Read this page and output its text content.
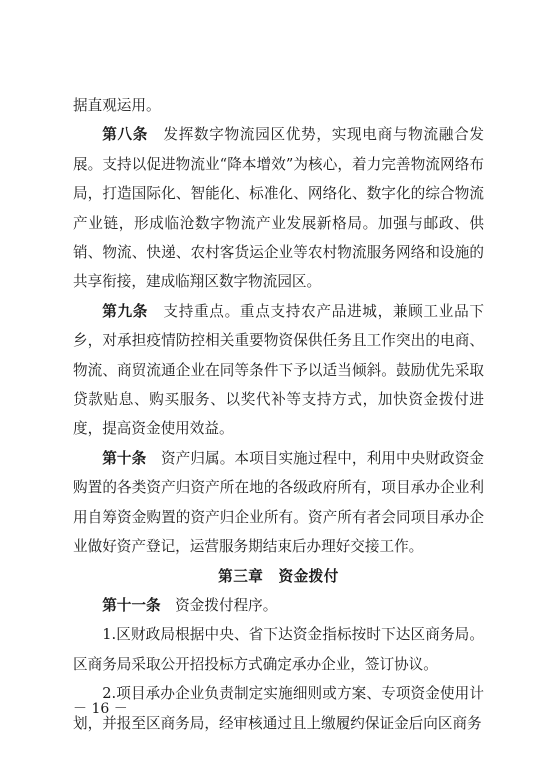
据直观运用。

第八条　发挥数字物流园区优势，实现电商与物流融合发展。支持以促进物流业“降本增效”为核心，着力完善物流网络布局，打造国际化、智能化、标准化、网络化、数字化的综合物流产业链，形成临沧数字物流产业发展新格局。加强与邮政、供销、物流、快递、农村客货运企业等农村物流服务网络和设施的共享衔接，建成临翔区数字物流园区。

第九条　支持重点。重点支持农产品进城，兼顾工业品下乡，对承担疫情防控相关重要物资保供任务且工作突出的电商、物流、商贸流通企业在同等条件下予以适当倾斜。鼓励优先采取贷款贴息、购买服务、以奖代补等支持方式，加快资金拨付进度，提高资金使用效益。

第十条　资产归属。本项目实施过程中，利用中央财政资金购置的各类资产归资产所在地的各级政府所有，项目承办企业利用自筹资金购置的资产归企业所有。资产所有者会同项目承办企业做好资产登记，运营服务期结束后办理好交接工作。

第三章　资金拨付

第十一条　资金拨付程序。

1.区财政局根据中央、省下达资金指标按时下达区商务局。区商务局采取公开招投标方式确定承办企业，签订协议。

2.项目承办企业负责制定实施细则或方案、专项资金使用计划，并报至区商务局，经审核通过且上缴履约保证金后向区商务

－ 16 －
